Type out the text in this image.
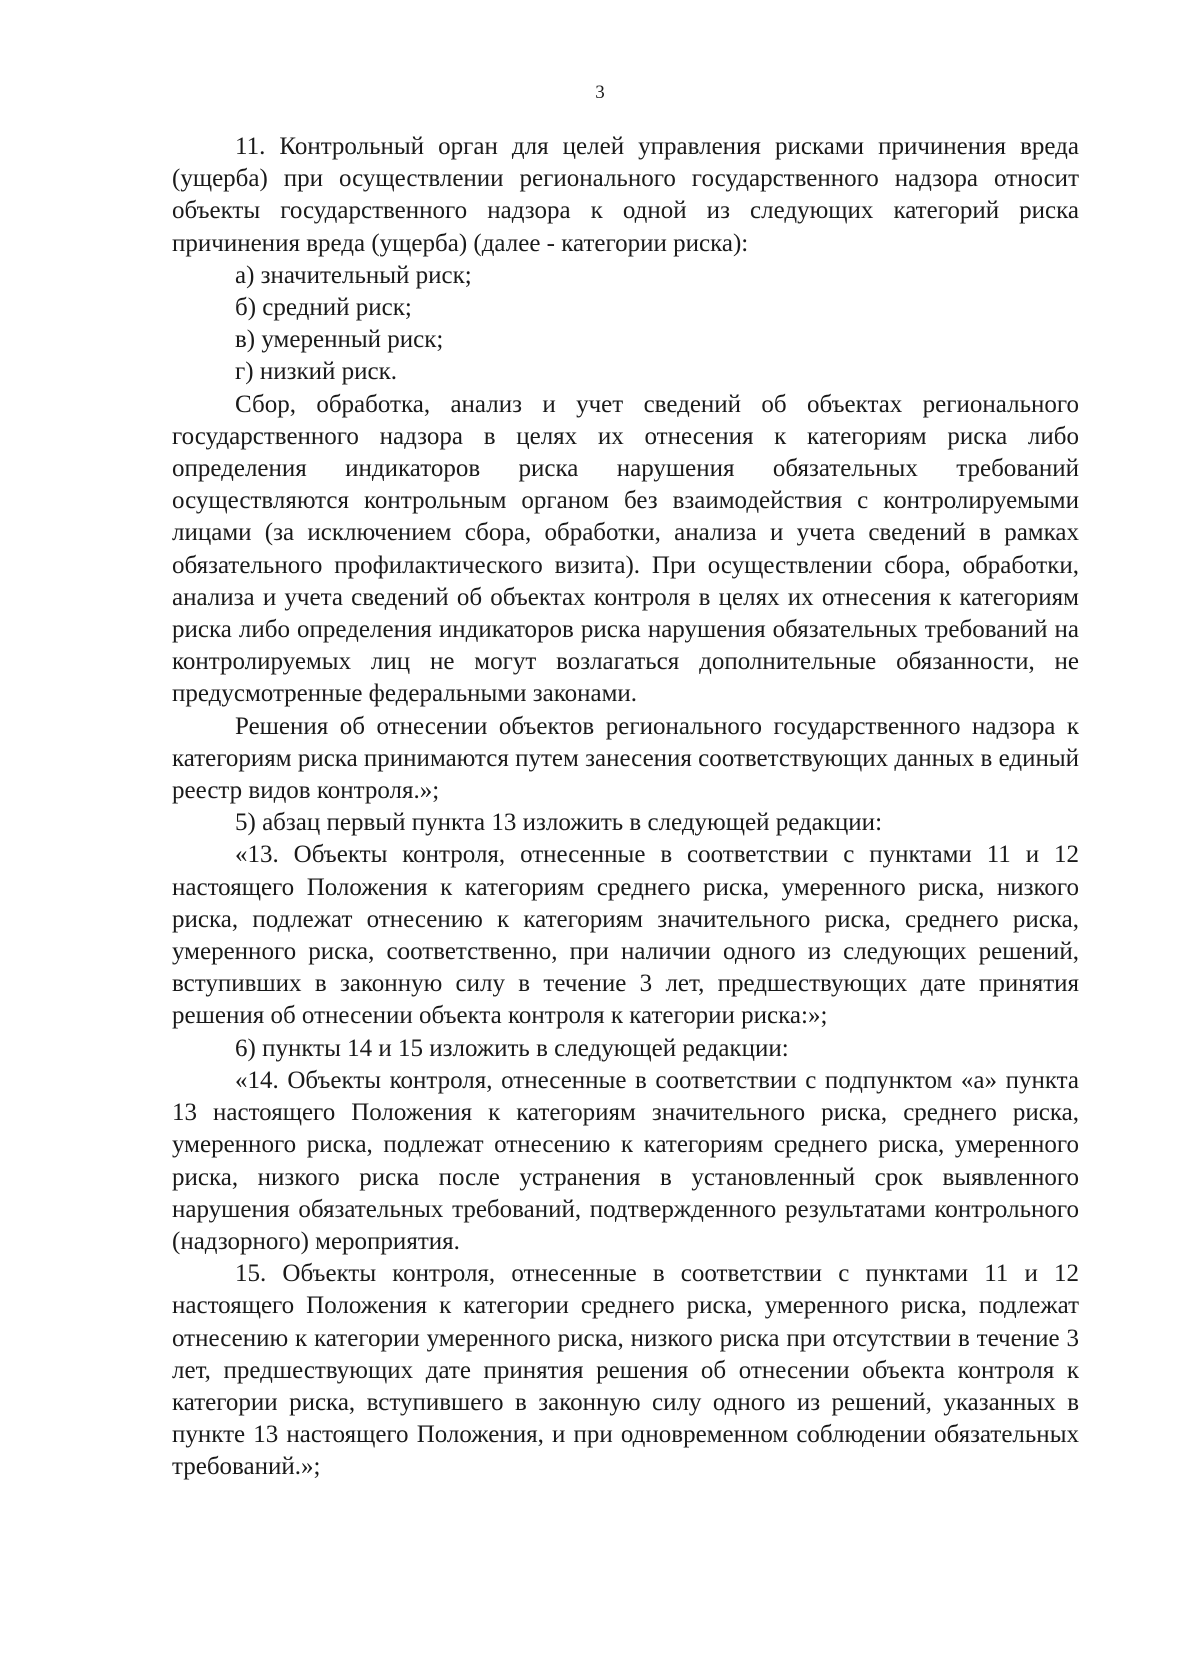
3

11. Контрольный орган для целей управления рисками причинения вреда (ущерба) при осуществлении регионального государственного надзора относит объекты государственного надзора к одной из следующих категорий риска причинения вреда (ущерба) (далее - категории риска):

а) значительный риск;

б) средний риск;

в) умеренный риск;

г) низкий риск.

Сбор, обработка, анализ и учет сведений об объектах регионального государственного надзора в целях их отнесения к категориям риска либо определения индикаторов риска нарушения обязательных требований осуществляются контрольным органом без взаимодействия с контролируемыми лицами (за исключением сбора, обработки, анализа и учета сведений в рамках обязательного профилактического визита). При осуществлении сбора, обработки, анализа и учета сведений об объектах контроля в целях их отнесения к категориям риска либо определения индикаторов риска нарушения обязательных требований на контролируемых лиц не могут возлагаться дополнительные обязанности, не предусмотренные федеральными законами.

Решения об отнесении объектов регионального государственного надзора к категориям риска принимаются путем занесения соответствующих данных в единый реестр видов контроля.»;

5) абзац первый пункта 13 изложить в следующей редакции:

«13. Объекты контроля, отнесенные в соответствии с пунктами 11 и 12 настоящего Положения к категориям среднего риска, умеренного риска, низкого риска, подлежат отнесению к категориям значительного риска, среднего риска, умеренного риска, соответственно, при наличии одного из следующих решений, вступивших в законную силу в течение 3 лет, предшествующих дате принятия решения об отнесении объекта контроля к категории риска:»;

6) пункты 14 и 15 изложить в следующей редакции:

«14. Объекты контроля, отнесенные в соответствии с подпунктом «а» пункта 13 настоящего Положения к категориям значительного риска, среднего риска, умеренного риска, подлежат отнесению к категориям среднего риска, умеренного риска, низкого риска после устранения в установленный срок выявленного нарушения обязательных требований, подтвержденного результатами контрольного (надзорного) мероприятия.

15. Объекты контроля, отнесенные в соответствии с пунктами 11 и 12 настоящего Положения к категории среднего риска, умеренного риска, подлежат отнесению к категории умеренного риска, низкого риска при отсутствии в течение 3 лет, предшествующих дате принятия решения об отнесении объекта контроля к категории риска, вступившего в законную силу одного из решений, указанных в пункте 13 настоящего Положения, и при одновременном соблюдении обязательных требований.»;
